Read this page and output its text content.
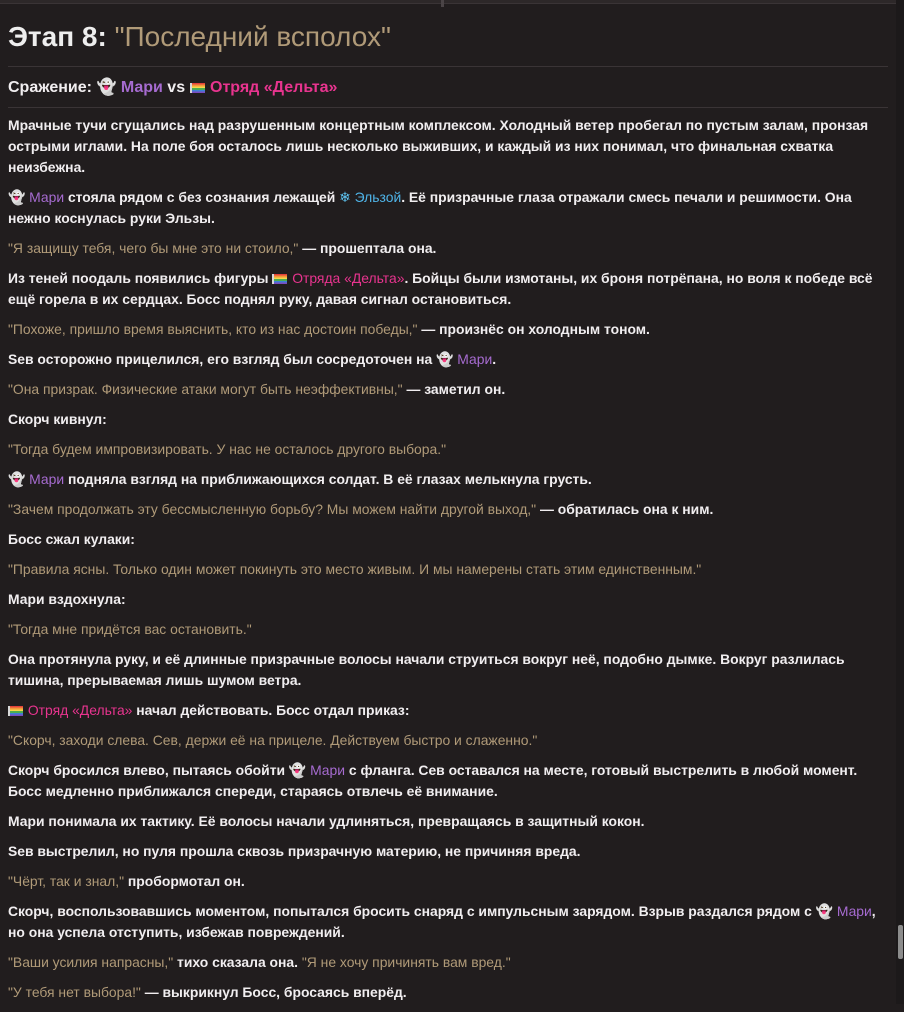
Этап 8: "Последний всполох"
Сражение: 👻 Мари vs Отряд «Дельта»

Мрачные тучи сгущались над разрушенным концертным комплексом. Холодный ветер пробегал по пустым залам, пронзая острыми иглами. На поле боя осталось лишь несколько выживших, и каждый из них понимал, что финальная схватка неизбежна.

👻 Мари стояла рядом с без сознания лежащей ❄ Эльзой. Её призрачные глаза отражали смесь печали и решимости. Она нежно коснулась руки Эльзы.

"Я защищу тебя, чего бы мне это ни стоило," — прошептала она.

Из теней поодаль появились фигуры  Отряда «Дельта». Бойцы были измотаны, их броня потрёпана, но воля к победе всё ещё горела в их сердцах. Босс поднял руку, давая сигнал остановиться.

"Похоже, пришло время выяснить, кто из нас достоин победы," — произнёс он холодным тоном.

Seв осторожно прицелился, его взгляд был сосредоточен на 👻 Мари.

"Она призрак. Физические атаки могут быть неэффективны," — заметил он.

Скорч кивнул:

"Тогда будем импровизировать. У нас не осталось другого выбора."

👻 Мари подняла взгляд на приближающихся солдат. В её глазах мелькнула грусть.

"Зачем продолжать эту бессмысленную борьбу? Мы можем найти другой выход," — обратилась она к ним.

Босс сжал кулаки:

"Правила ясны. Только один может покинуть это место живым. И мы намерены стать этим единственным."

Мари вздохнула:

"Тогда мне придётся вас остановить."

Она протянула руку, и её длинные призрачные волосы начали струиться вокруг неё, подобно дымке. Вокруг разлилась тишина, прерываемая лишь шумом ветра.

Отряд «Дельта» начал действовать. Босс отдал приказ:

"Скорч, заходи слева. Сев, держи её на прицеле. Действуем быстро и слаженно."

Скорч бросился влево, пытаясь обойти 👻 Мари с фланга. Сев оставался на месте, готовый выстрелить в любой момент. Босс медленно приближался спереди, стараясь отвлечь её внимание.

Мари понимала их тактику. Её волосы начали удлиняться, превращаясь в защитный кокон.

Seв выстрелил, но пуля прошла сквозь призрачную материю, не причиняя вреда.

"Чёрт, так и знал," пробормотал он.

Скорч, воспользовавшись моментом, попытался бросить снаряд с импульсным зарядом. Взрыв раздался рядом с 👻 Мари, но она успела отступить, избежав повреждений.

"Ваши усилия напрасны," тихо сказала она. "Я не хочу причинять вам вред."

"У тебя нет выбора!" — выкрикнул Босс, бросаясь вперёд.
